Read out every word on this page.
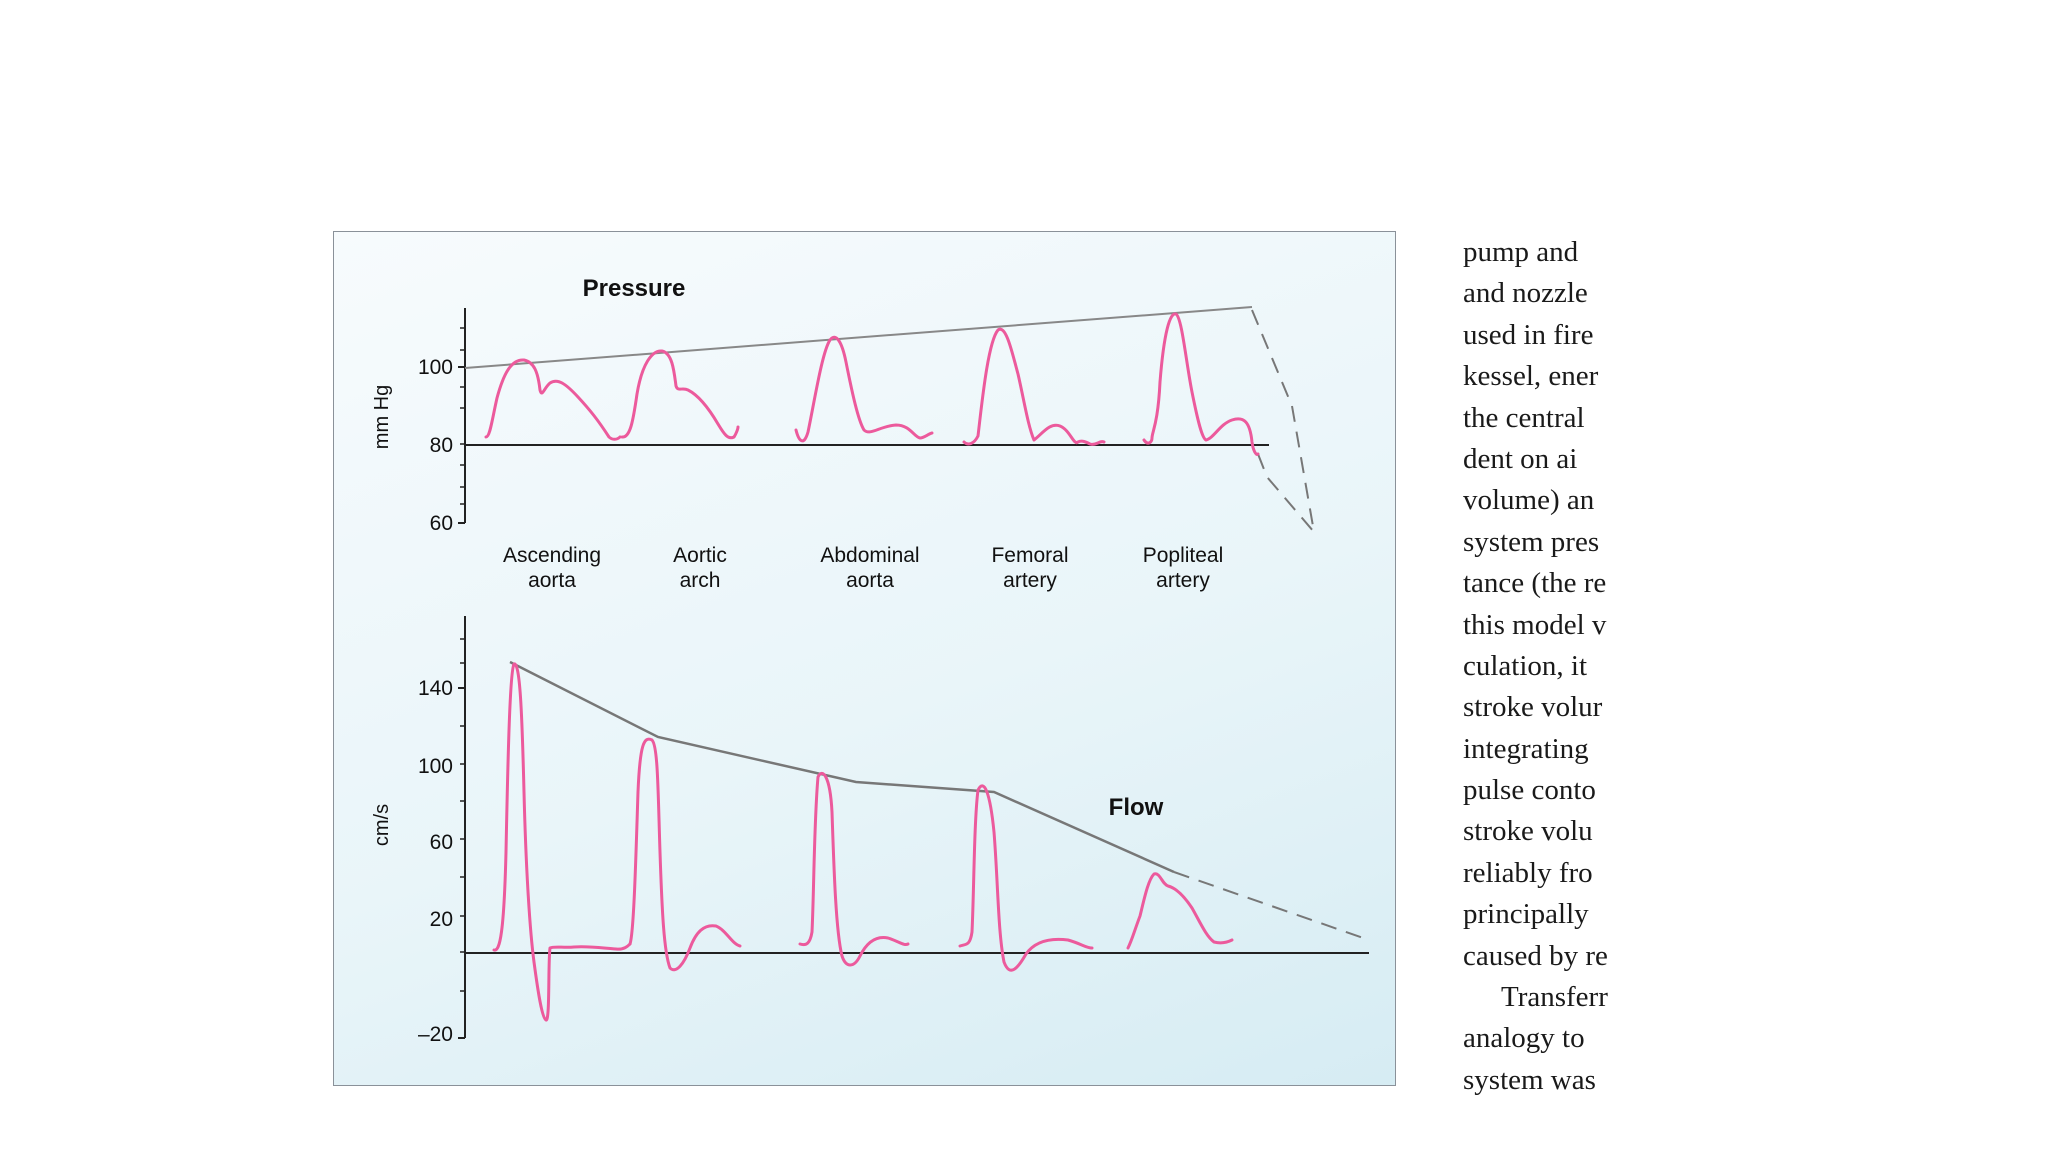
Pressure
mm Hg
100
80
60
Ascending
aorta
Aortic
arch
Abdominal
aorta
Femoral
artery
Popliteal
artery
Flow
cm/s
140
100
60
20
–20
pump and
and nozzle
used in fire
kessel, ener
the central
dent on ai
volume) an
system pres
tance (the re
this model v
culation, it
stroke volur
integrating
pulse conto
stroke volu
reliably fro
principally
caused by re
Transferr
analogy to
system was
